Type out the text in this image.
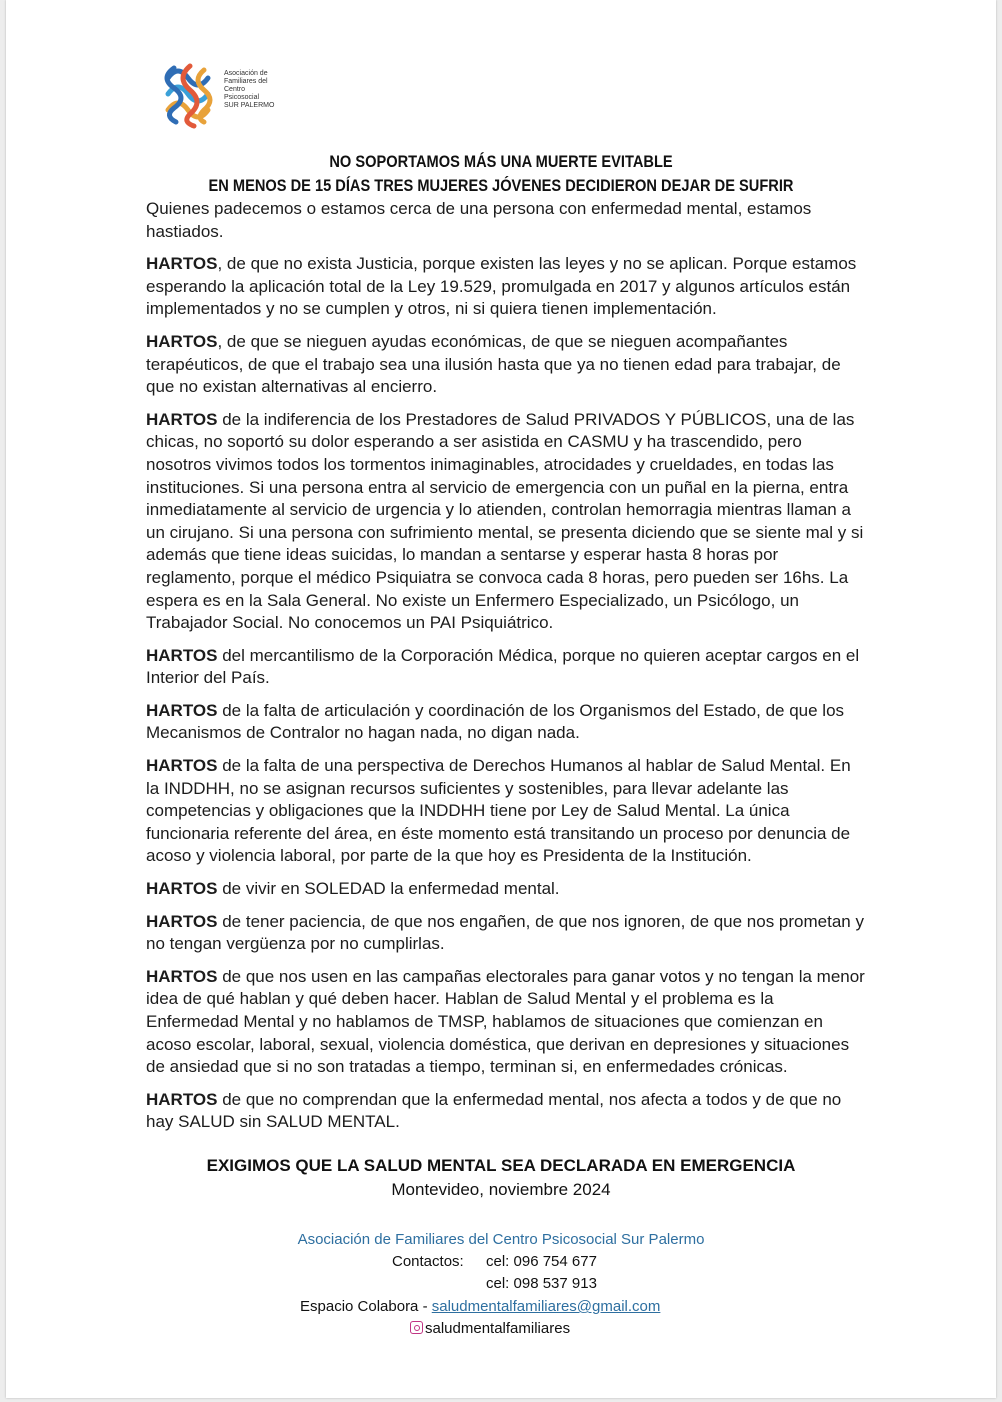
Asociación de
Familiares del
Centro
Psicosocial
SUR PALERMO
NO SOPORTAMOS MÁS UNA MUERTE EVITABLE
EN MENOS DE 15 DÍAS TRES MUJERES JÓVENES DECIDIERON DEJAR DE SUFRIR

Quienes padecemos o estamos cerca de una persona con enfermedad mental, estamos hastiados.

HARTOS, de que no exista Justicia, porque existen las leyes y no se aplican. Porque estamos esperando la aplicación total de la Ley 19.529, promulgada en 2017 y algunos artículos están implementados y no se cumplen y otros, ni si quiera tienen implementación.

HARTOS, de que se nieguen ayudas económicas, de que se nieguen acompañantes terapéuticos, de que el trabajo sea una ilusión hasta que ya no tienen edad para trabajar, de que no existan alternativas al encierro.

HARTOS de la indiferencia de los Prestadores de Salud PRIVADOS Y PÚBLICOS, una de las chicas, no soportó su dolor esperando a ser asistida en CASMU y ha trascendido, pero nosotros vivimos todos los tormentos inimaginables, atrocidades y crueldades, en todas las instituciones. Si una persona entra al servicio de emergencia con un puñal en la pierna, entra inmediatamente al servicio de urgencia y lo atienden, controlan hemorragia mientras llaman a un cirujano. Si una persona con sufrimiento mental, se presenta diciendo que se siente mal y si además que tiene ideas suicidas, lo mandan a sentarse y esperar hasta 8 horas por reglamento, porque el médico Psiquiatra se convoca cada 8 horas, pero pueden ser 16hs. La espera es en la Sala General. No existe un Enfermero Especializado, un Psicólogo, un Trabajador Social. No conocemos un PAI Psiquiátrico.

HARTOS del mercantilismo de la Corporación Médica, porque no quieren aceptar cargos en el Interior del País.

HARTOS de la falta de articulación y coordinación de los Organismos del Estado, de que los Mecanismos de Contralor no hagan nada, no digan nada.

HARTOS de la falta de una perspectiva de Derechos Humanos al hablar de Salud Mental. En la INDDHH, no se asignan recursos suficientes y sostenibles, para llevar adelante las competencias y obligaciones que la INDDHH tiene por Ley de Salud Mental. La única funcionaria referente del área, en éste momento está transitando un proceso por denuncia de acoso y violencia laboral, por parte de la que hoy es Presidenta de la Institución.

HARTOS de vivir en SOLEDAD la enfermedad mental.

HARTOS de tener paciencia, de que nos engañen, de que nos ignoren, de que nos prometan y no tengan vergüenza por no cumplirlas.

HARTOS de que nos usen en las campañas electorales para ganar votos y no tengan la menor idea de qué hablan y qué deben hacer. Hablan de Salud Mental y el problema es la Enfermedad Mental y no hablamos de TMSP, hablamos de situaciones que comienzan en acoso escolar, laboral, sexual, violencia doméstica, que derivan en depresiones y situaciones de ansiedad que si no son tratadas a tiempo, terminan si, en enfermedades crónicas.

HARTOS de que no comprendan que la enfermedad mental, nos afecta a todos y de que no hay SALUD sin SALUD MENTAL.

EXIGIMOS QUE LA SALUD MENTAL SEA DECLARADA EN EMERGENCIA
Montevideo, noviembre 2024
Asociación de Familiares del Centro Psicosocial Sur Palermo
Contactos: cel: 096 754 677
cel: 098 537 913
Espacio Colabora - saludmentalfamiliares@gmail.com
saludmentalfamiliares
